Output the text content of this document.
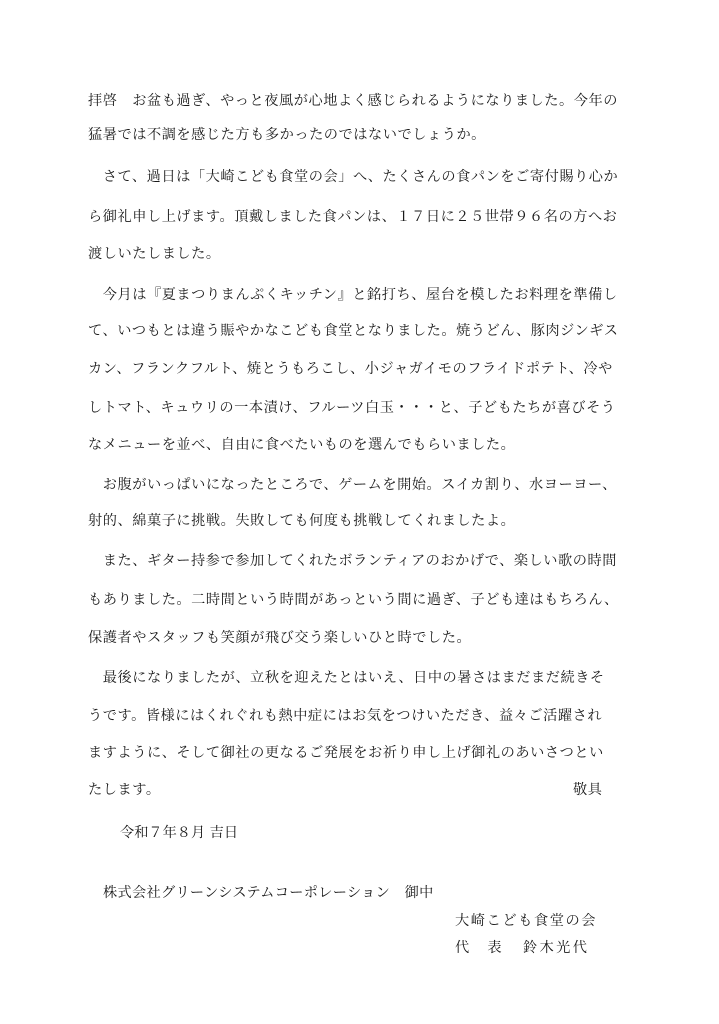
拝啓　お盆も過ぎ、やっと夜風が心地よく感じられるようになりました。今年の
猛暑では不調を感じた方も多かったのではないでしょうか。
　さて、過日は「大崎こども食堂の会」へ、たくさんの食パンをご寄付賜り心か
ら御礼申し上げます。頂戴しました食パンは、１７日に２５世帯９６名の方へお
渡しいたしました。
　今月は『夏まつりまんぷくキッチン』と銘打ち、屋台を模したお料理を準備し
て、いつもとは違う賑やかなこども食堂となりました。焼うどん、豚肉ジンギス
カン、フランクフルト、焼とうもろこし、小ジャガイモのフライドポテト、冷や
しトマト、キュウリの一本漬け、フルーツ白玉・・・と、子どもたちが喜びそう
なメニューを並べ、自由に食べたいものを選んでもらいました。
　お腹がいっぱいになったところで、ゲームを開始。スイカ割り、水ヨーヨー、
射的、綿菓子に挑戦。失敗しても何度も挑戦してくれましたよ。
　また、ギター持参で参加してくれたボランティアのおかげで、楽しい歌の時間
もありました。二時間という時間があっという間に過ぎ、子ども達はもちろん、
保護者やスタッフも笑顔が飛び交う楽しいひと時でした。
　最後になりましたが、立秋を迎えたとはいえ、日中の暑さはまだまだ続きそ
うです。皆様にはくれぐれも熱中症にはお気をつけいただき、益々ご活躍され
ますように、そして御社の更なるご発展をお祈り申し上げ御礼のあいさつとい
たします。	敬具
令和７年８月 吉日
株式会社グリーンシステムコーポレーション　御中
大崎こども食堂の会
代　表 鈴木光代
